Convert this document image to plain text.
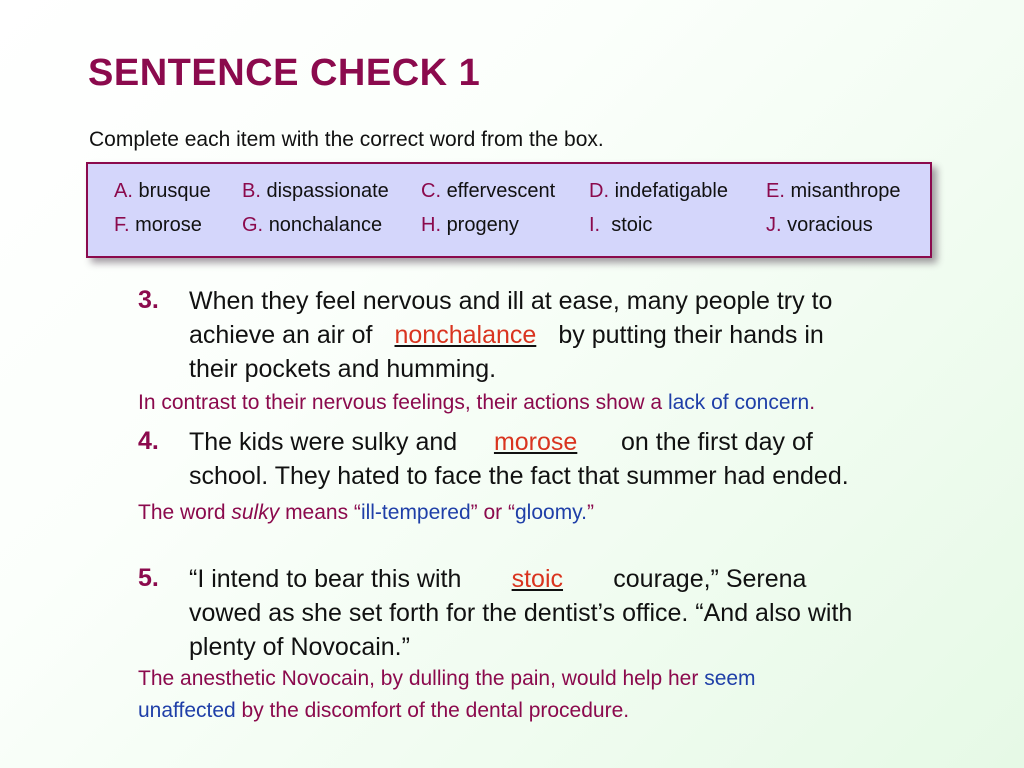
SENTENCE CHECK 1
Complete each item with the correct word from the box.
A. brusque B. dispassionate C. effervescent D. indefatigable E. misanthrope
F. morose G. nonchalance H. progeny	I.  stoic	J. voracious
3. When they feel nervous and ill at ease, many people try to
achieve an air of nonchalance by putting their hands in
their pockets and humming.
In contrast to their nervous feelings, their actions show a lack of concern.
4. The kids were sulky and morose  on the first day of
school. They hated to face the fact that summer had ended.
The word sulky means “ill-tempered” or “gloomy.”
5. “I intend to bear this with stoic courage,” Serena
vowed as she set forth for the dentist’s office. “And also with
plenty of Novocain.”
The anesthetic Novocain, by dulling the pain, would help her seem
unaffected by the discomfort of the dental procedure.
